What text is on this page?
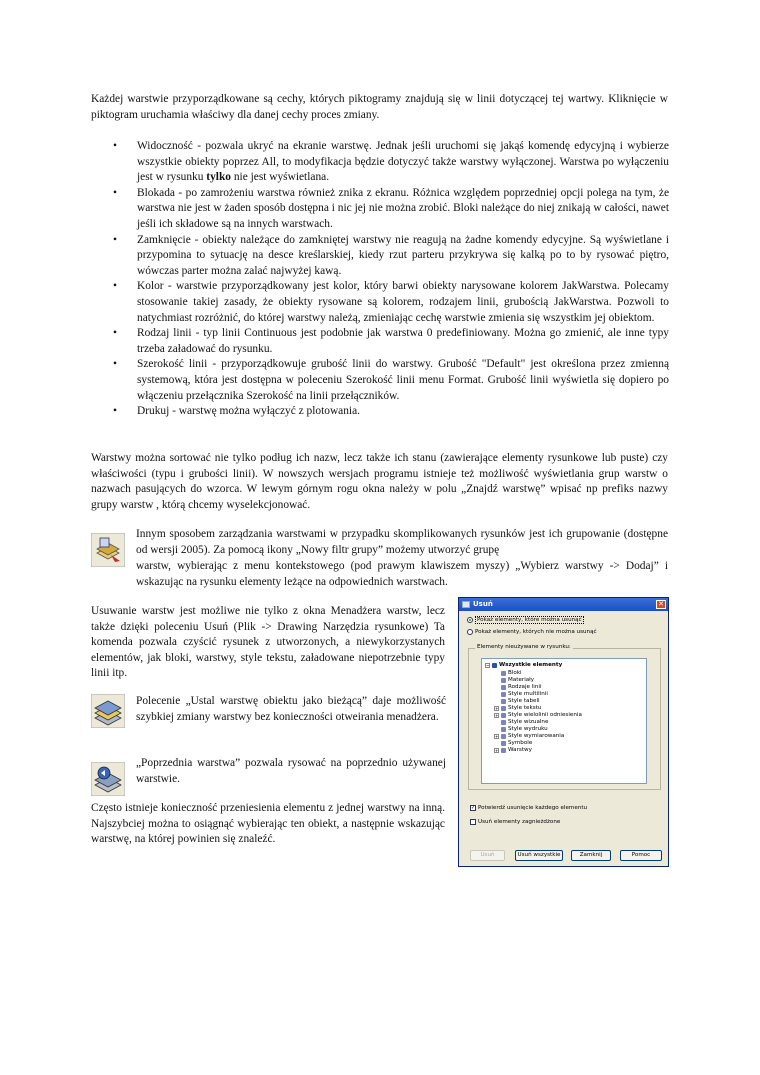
Każdej warstwie przyporządkowane są cechy, których piktogramy znajdują się w linii dotyczącej tej wartwy. Kliknięcie w piktogram uruchamia właściwy dla danej cechy proces zmiany.
• Widoczność - pozwala ukryć na ekranie warstwę. Jednak jeśli uruchomi się jakąś komendę edycyjną i wybierze wszystkie obiekty poprzez All, to modyfikacja będzie dotyczyć także warstwy wyłączonej. Warstwa po wyłączeniu jest w rysunku tylko nie jest wyświetlana.
• Blokada - po zamrożeniu warstwa również znika z ekranu. Różnica względem poprzedniej opcji polega na tym, że warstwa nie jest w żaden sposób dostępna i nic jej nie można zrobić. Bloki należące do niej znikają w całości, nawet jeśli ich składowe są na innych warstwach.
• Zamknięcie - obiekty należące do zamkniętej warstwy nie reagują na żadne komendy edycyjne. Są wyświetlane i przypomina to sytuację na desce kreślarskiej, kiedy rzut parteru przykrywa się kalką po to by rysować piętro, wówczas parter można zalać najwyżej kawą.
• Kolor - warstwie przyporządkowany jest kolor, który barwi obiekty narysowane kolorem JakWarstwa. Polecamy stosowanie takiej zasady, że obiekty rysowane są kolorem, rodzajem linii, grubością JakWarstwa. Pozwoli to natychmiast rozróżnić, do której warstwy należą, zmieniając cechę warstwie zmienia się wszystkim jej obiektom.
• Rodzaj linii - typ linii Continuous jest podobnie jak warstwa 0 predefiniowany. Można go zmienić, ale inne typy trzeba załadować do rysunku.
• Szerokość linii - przyporządkowuje grubość linii do warstwy. Grubość "Default" jest określona przez zmienną systemową, która jest dostępna w poleceniu Szerokość linii menu Format. Grubość linii wyświetla się dopiero po włączeniu przełącznika Szerokość na linii przełączników.
• Drukuj - warstwę można wyłączyć z plotowania.
Warstwy można sortować nie tylko podług ich nazw, lecz także ich stanu (zawierające elementy rysunkowe lub puste) czy właściwości (typu i grubości linii). W nowszych wersjach programu istnieje też możliwość wyświetlania grup warstw o nazwach pasujących do wzorca. W lewym górnym rogu okna należy w polu „Znajdź warstwę” wpisać np prefiks nazwy grupy warstw , którą chcemy wyselekcjonować.
Innym sposobem zarządzania warstwami w przypadku skomplikowanych rysunków jest ich grupowanie (dostępne od wersji 2005). Za pomocą ikony „Nowy filtr grupy” możemy utworzyć grupę
warstw, wybierając z menu kontekstowego (pod prawym klawiszem myszy) „Wybierz warstwy -> Dodaj” i wskazując na rysunku elementy leżące na odpowiednich warstwach.
Usuwanie warstw jest możliwe nie tylko z okna Menadżera warstw, lecz także dzięki poleceniu Usuń (Plik -> Drawing Narzędzia rysunkowe) Ta komenda pozwala czyścić rysunek z utworzonych, a niewykorzystanych elementów, jak bloki, warstwy, style tekstu, załadowane niepotrzebnie typy linii itp.
Polecenie „Ustal warstwę obiektu jako bieżącą” daje możliwość szybkiej zmiany warstwy bez konieczności otweirania menadżera.
„Poprzednia warstwa” pozwala rysować na poprzednio używanej warstwie.
Często istnieje konieczność przeniesienia elementu z jednej warstwy na inną. Najszybciej można to osiągnąć wybierając ten obiekt, a następnie wskazując warstwę, na której powinien się znaleźć.
Usuń	✕
Pokaż elementy, które można usunąć
Pokaż elementy, których nie można usunąć
Elementy nieużywane w rysunku:
− Wszystkie elementy
Bloki
Materiały
Rodzaje linii
Style multilinii
Style tabeli
+ Style tekstu
+ Style wielolinii odniesienia
Style wizualne
Style wydruku
+ Style wymiarowania
Symbole
+ Warstwy
✓ Potwierdź usunięcie każdego elementu
Usuń elementy zagnieżdżone
Usuń	Usuń wszystkie	Zamknij	Pomoc
